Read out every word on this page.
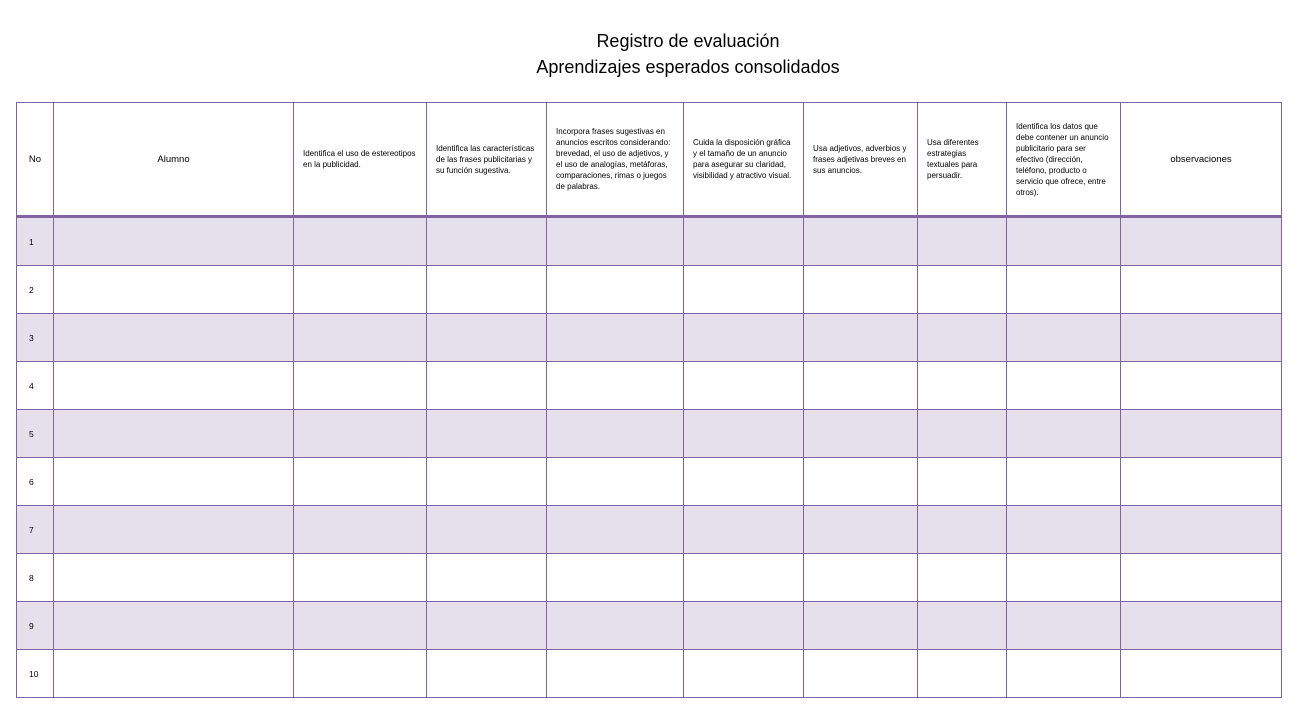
Registro de evaluación
Aprendizajes esperados consolidados
No	Alumno	Identifica el uso de estereotipos en la publicidad.	Identifica las características de las frases publicitarias y su función sugestiva.	Incorpora frases sugestivas en anuncios escritos considerando: brevedad, el uso de adjetivos, y el uso de analogías, metáforas, comparaciones, rimas o juegos de palabras.	Cuida la disposición gráfica y el tamaño de un anuncio para asegurar su claridad, visibilidad y atractivo visual.	Usa adjetivos, adverbios y frases adjetivas breves en sus anuncios.	Usa diferentes estrategias textuales para persuadir.	Identifica los datos que debe contener un anuncio publicitario para ser efectivo (dirección, teléfono, producto o servicio que ofrece, entre otros).	observaciones
1									
2									
3									
4									
5									
6									
7									
8									
9									
10									
